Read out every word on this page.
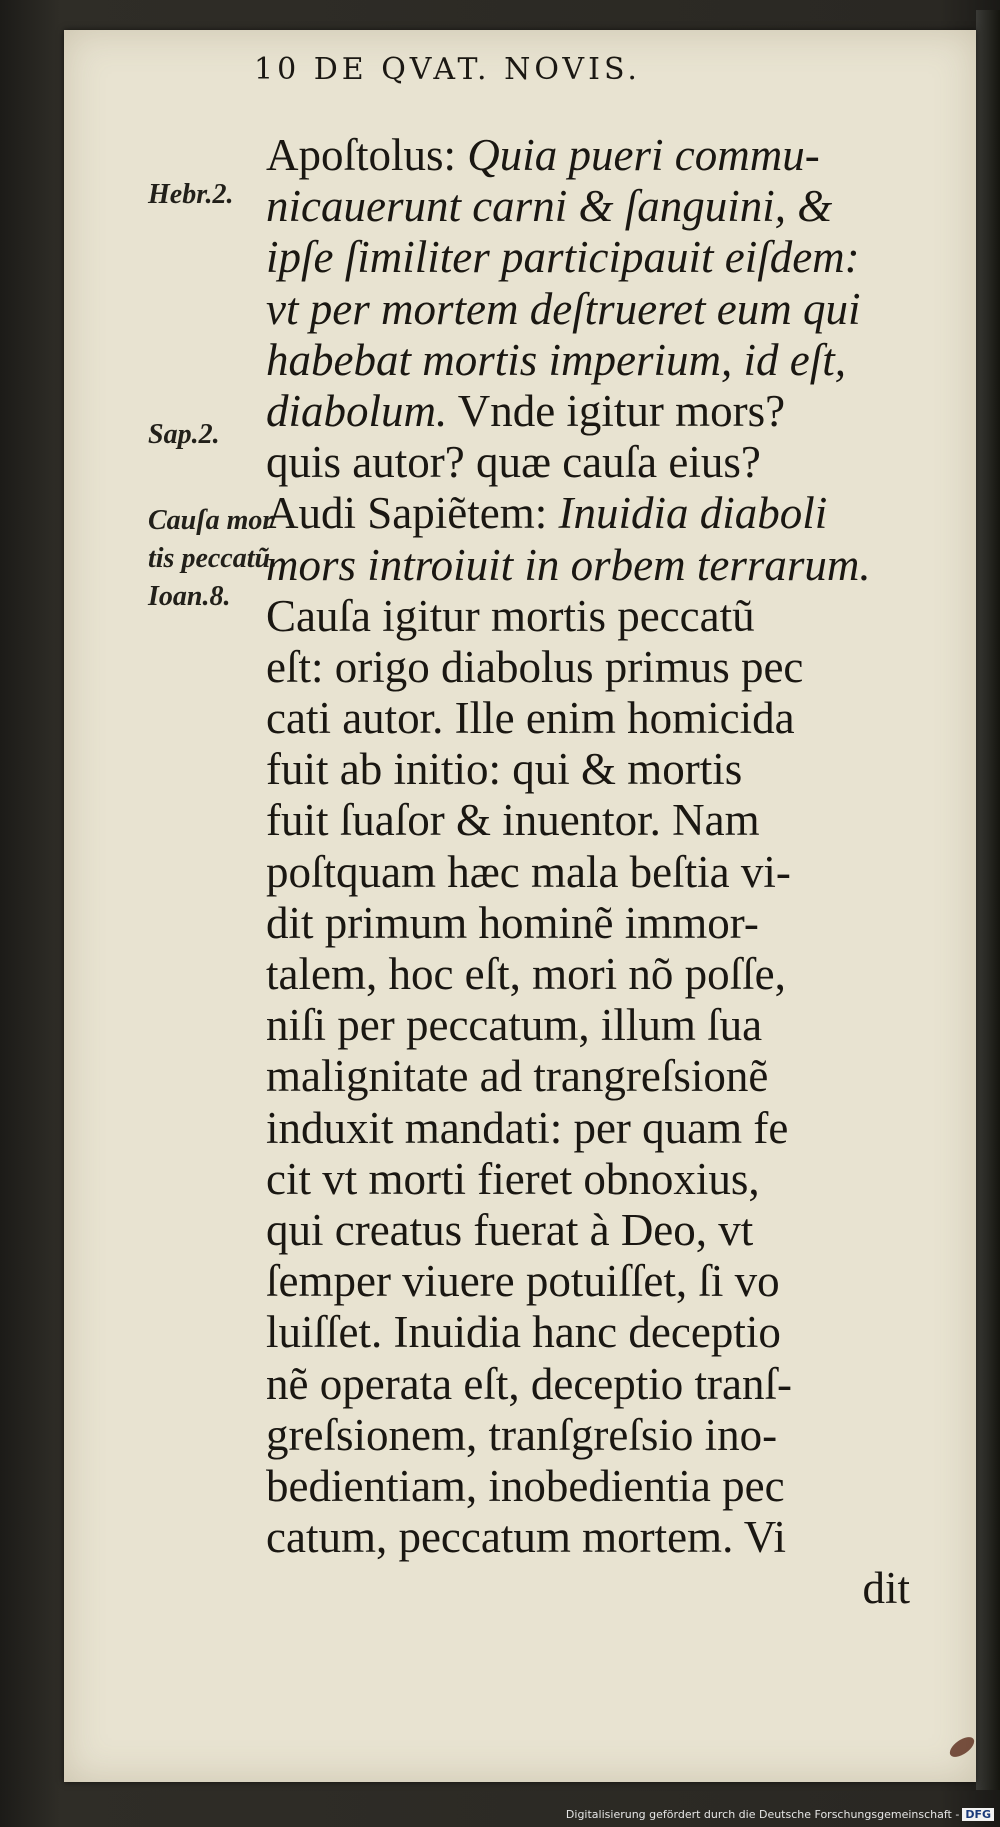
10 DE QVAT. NOVIS.
Hebr.2.
Sap.2.
Cauſa mor
tis peccatũ.
Ioan.8.
Apoſtolus: Quia pueri commu-
nicauerunt carni & ſanguini, &
ipſe ſimiliter participauit eiſdem:
vt per mortem deſtrueret eum qui
habebat mortis imperium, id eſt,
diabolum. Vnde igitur mors?
quis autor? quæ cauſa eius?
Audi Sapiẽtem: Inuidia diaboli
mors introiuit in orbem terrarum.
Cauſa igitur mortis peccatũ
eſt: origo diabolus primus pec
cati autor. Ille enim homicida
fuit ab initio: qui & mortis
fuit ſuaſor & inuentor. Nam
poſtquam hæc mala beſtia vi-
dit primum hominẽ immor-
talem, hoc eſt, mori nõ poſſe,
niſi per peccatum, illum ſua
malignitate ad trangreſsionẽ
induxit mandati: per quam fe
cit vt morti fieret obnoxius,
qui creatus fuerat à Deo, vt
ſemper viuere potuiſſet, ſi vo
luiſſet. Inuidia hanc deceptio
nẽ operata eſt, deceptio tranſ-
greſsionem, tranſgreſsio ino-
bedientiam, inobedientia pec
catum, peccatum mortem. Vi
dit
Digitalisierung gefördert durch die Deutsche Forschungsgemeinschaft - DFG
